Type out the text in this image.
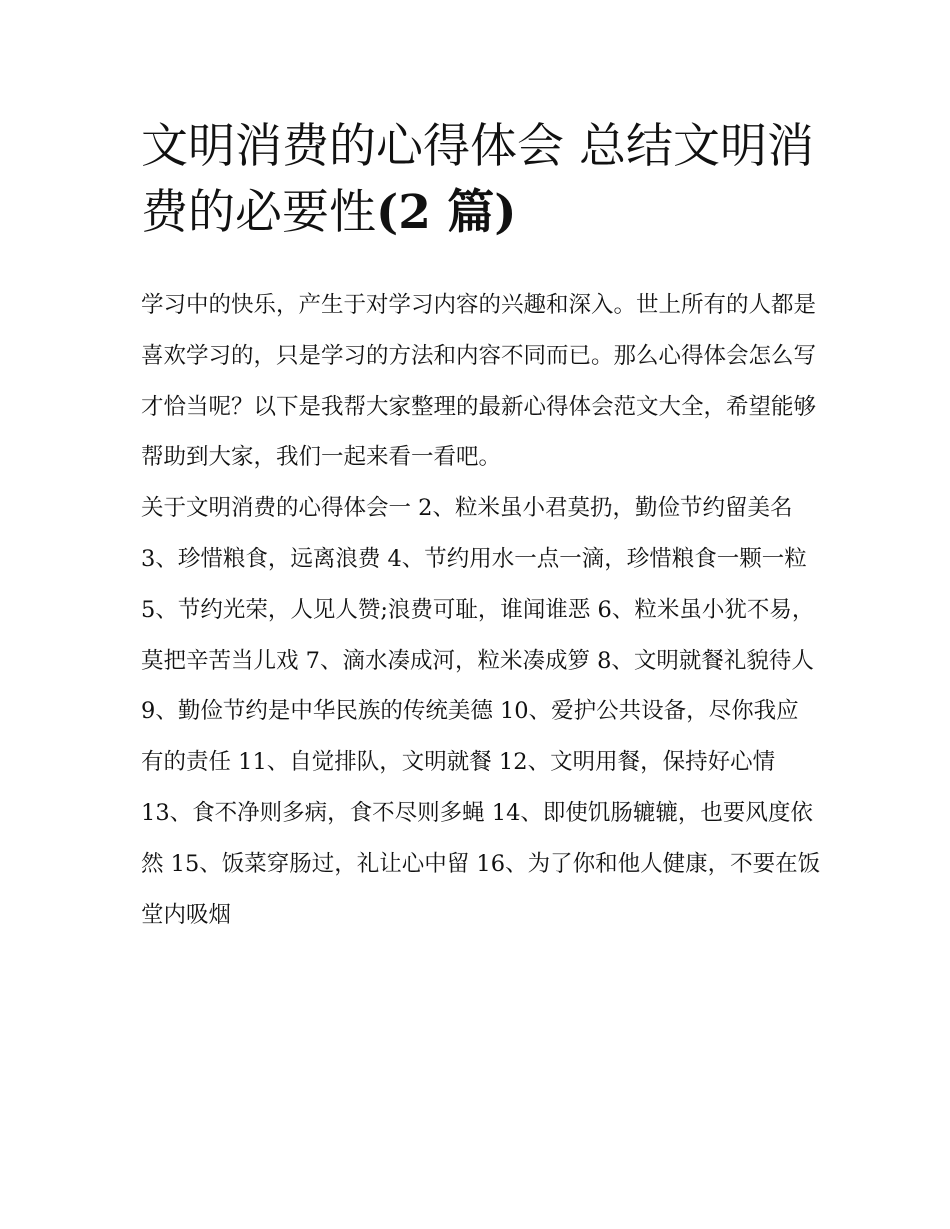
文明消费的心得体会 总结文明消费的必要性(2 篇)

学习中的快乐，产生于对学习内容的兴趣和深入。世上所有的人都是喜欢学习的，只是学习的方法和内容不同而已。那么心得体会怎么写才恰当呢？以下是我帮大家整理的最新心得体会范文大全，希望能够帮助到大家，我们一起来看一看吧。

关于文明消费的心得体会一 2、粒米虽小君莫扔，勤俭节约留美名 3、珍惜粮食，远离浪费 4、节约用水一点一滴，珍惜粮食一颗一粒

5、节约光荣，人见人赞;浪费可耻，谁闻谁恶 6、粒米虽小犹不易，莫把辛苦当儿戏 7、滴水凑成河，粒米凑成箩 8、文明就餐礼貌待人

9、勤俭节约是中华民族的传统美德 10、爱护公共设备，尽你我应有的责任 11、自觉排队，文明就餐 12、文明用餐，保持好心情

13、食不净则多病，食不尽则多蝇 14、即使饥肠辘辘，也要风度依然 15、饭菜穿肠过，礼让心中留 16、为了你和他人健康，不要在饭堂内吸烟
